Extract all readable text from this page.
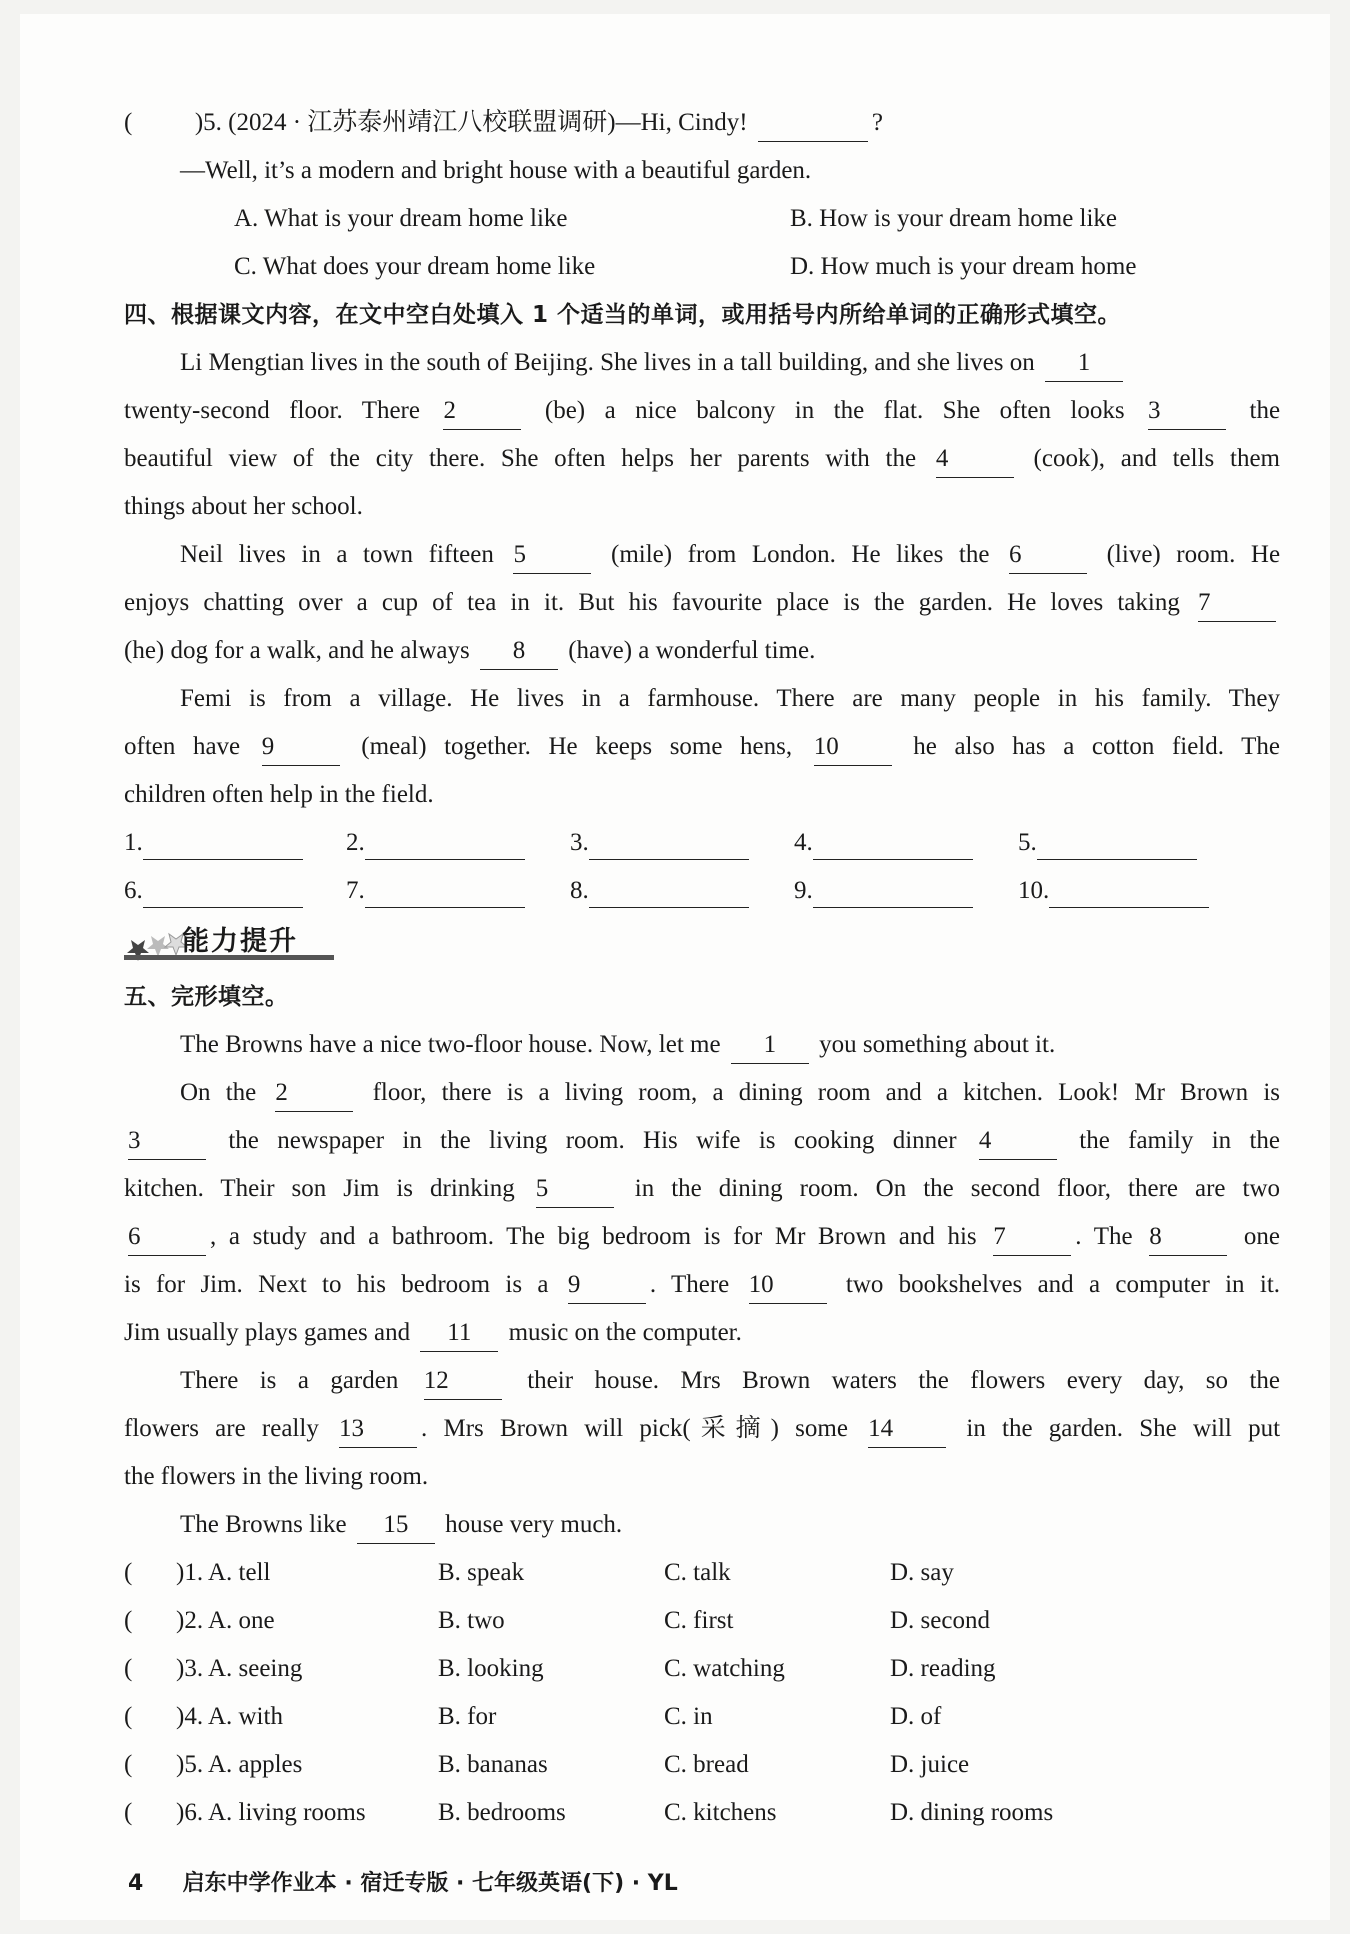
(	)5. (2024 · 江苏泰州靖江八校联盟调研)—Hi, Cindy!	?
—Well, it’s a modern and bright house with a beautiful garden.
A. What is your dream home like	B. How is your dream home like
C. What does your dream home like	D. How much is your dream home
四、根据课文内容，在文中空白处填入 1 个适当的单词，或用括号内所给单词的正确形式填空。
Li Mengtian lives in the south of Beijing. She lives in a tall building, and she lives on 1
twenty-second floor. There 2	(be) a nice balcony in the flat. She often looks 3	the
beautiful view of the city there. She often helps her parents with the 4	(cook), and tells them
things about her school.
Neil lives in a town fifteen 5	(mile) from London. He likes the 6	(live) room. He
enjoys chatting over a cup of tea in it. But his favourite place is the garden. He loves taking 7
(he) dog for a walk, and he always 8 (have) a wonderful time.
Femi is from a village. He lives in a farmhouse. There are many people in his family. They
often have 9	(meal) together. He keeps some hens, 10	he also has a cotton field. The
children often help in the field.
1.	2.	3.	4.	5.
6.	7.	8.	9.	10.
能力提升
五、完形填空。
The Browns have a nice two-floor house. Now, let me 1 you something about it.
On the 2	floor, there is a living room, a dining room and a kitchen. Look! Mr Brown is
3	the newspaper in the living room. His wife is cooking dinner 4	the family in the
kitchen. Their son Jim is drinking 5	in the dining room. On the second floor, there are two
6	, a study and a bathroom. The big bedroom is for Mr Brown and his 7	. The 8	one
is for Jim. Next to his bedroom is a 9	. There 10	two bookshelves and a computer in it.
Jim usually plays games and 11 music on the computer.
There is a garden 12	their house. Mrs Brown waters the flowers every day, so the
flowers are really 13 . Mrs Brown will pick(采摘) some 14	in the garden. She will put
the flowers in the living room.
The Browns like 15 house very much.
( )1. A. tell	B. speak	C. talk	D. say
( )2. A. one	B. two	C. first	D. second
( )3. A. seeing	B. looking	C. watching	D. reading
( )4. A. with	B. for	C. in	D. of
( )5. A. apples	B. bananas	C. bread	D. juice
( )6. A. living rooms	B. bedrooms	C. kitchens	D. dining rooms
4 启东中学作业本 · 宿迁专版 · 七年级英语(下) · YL
